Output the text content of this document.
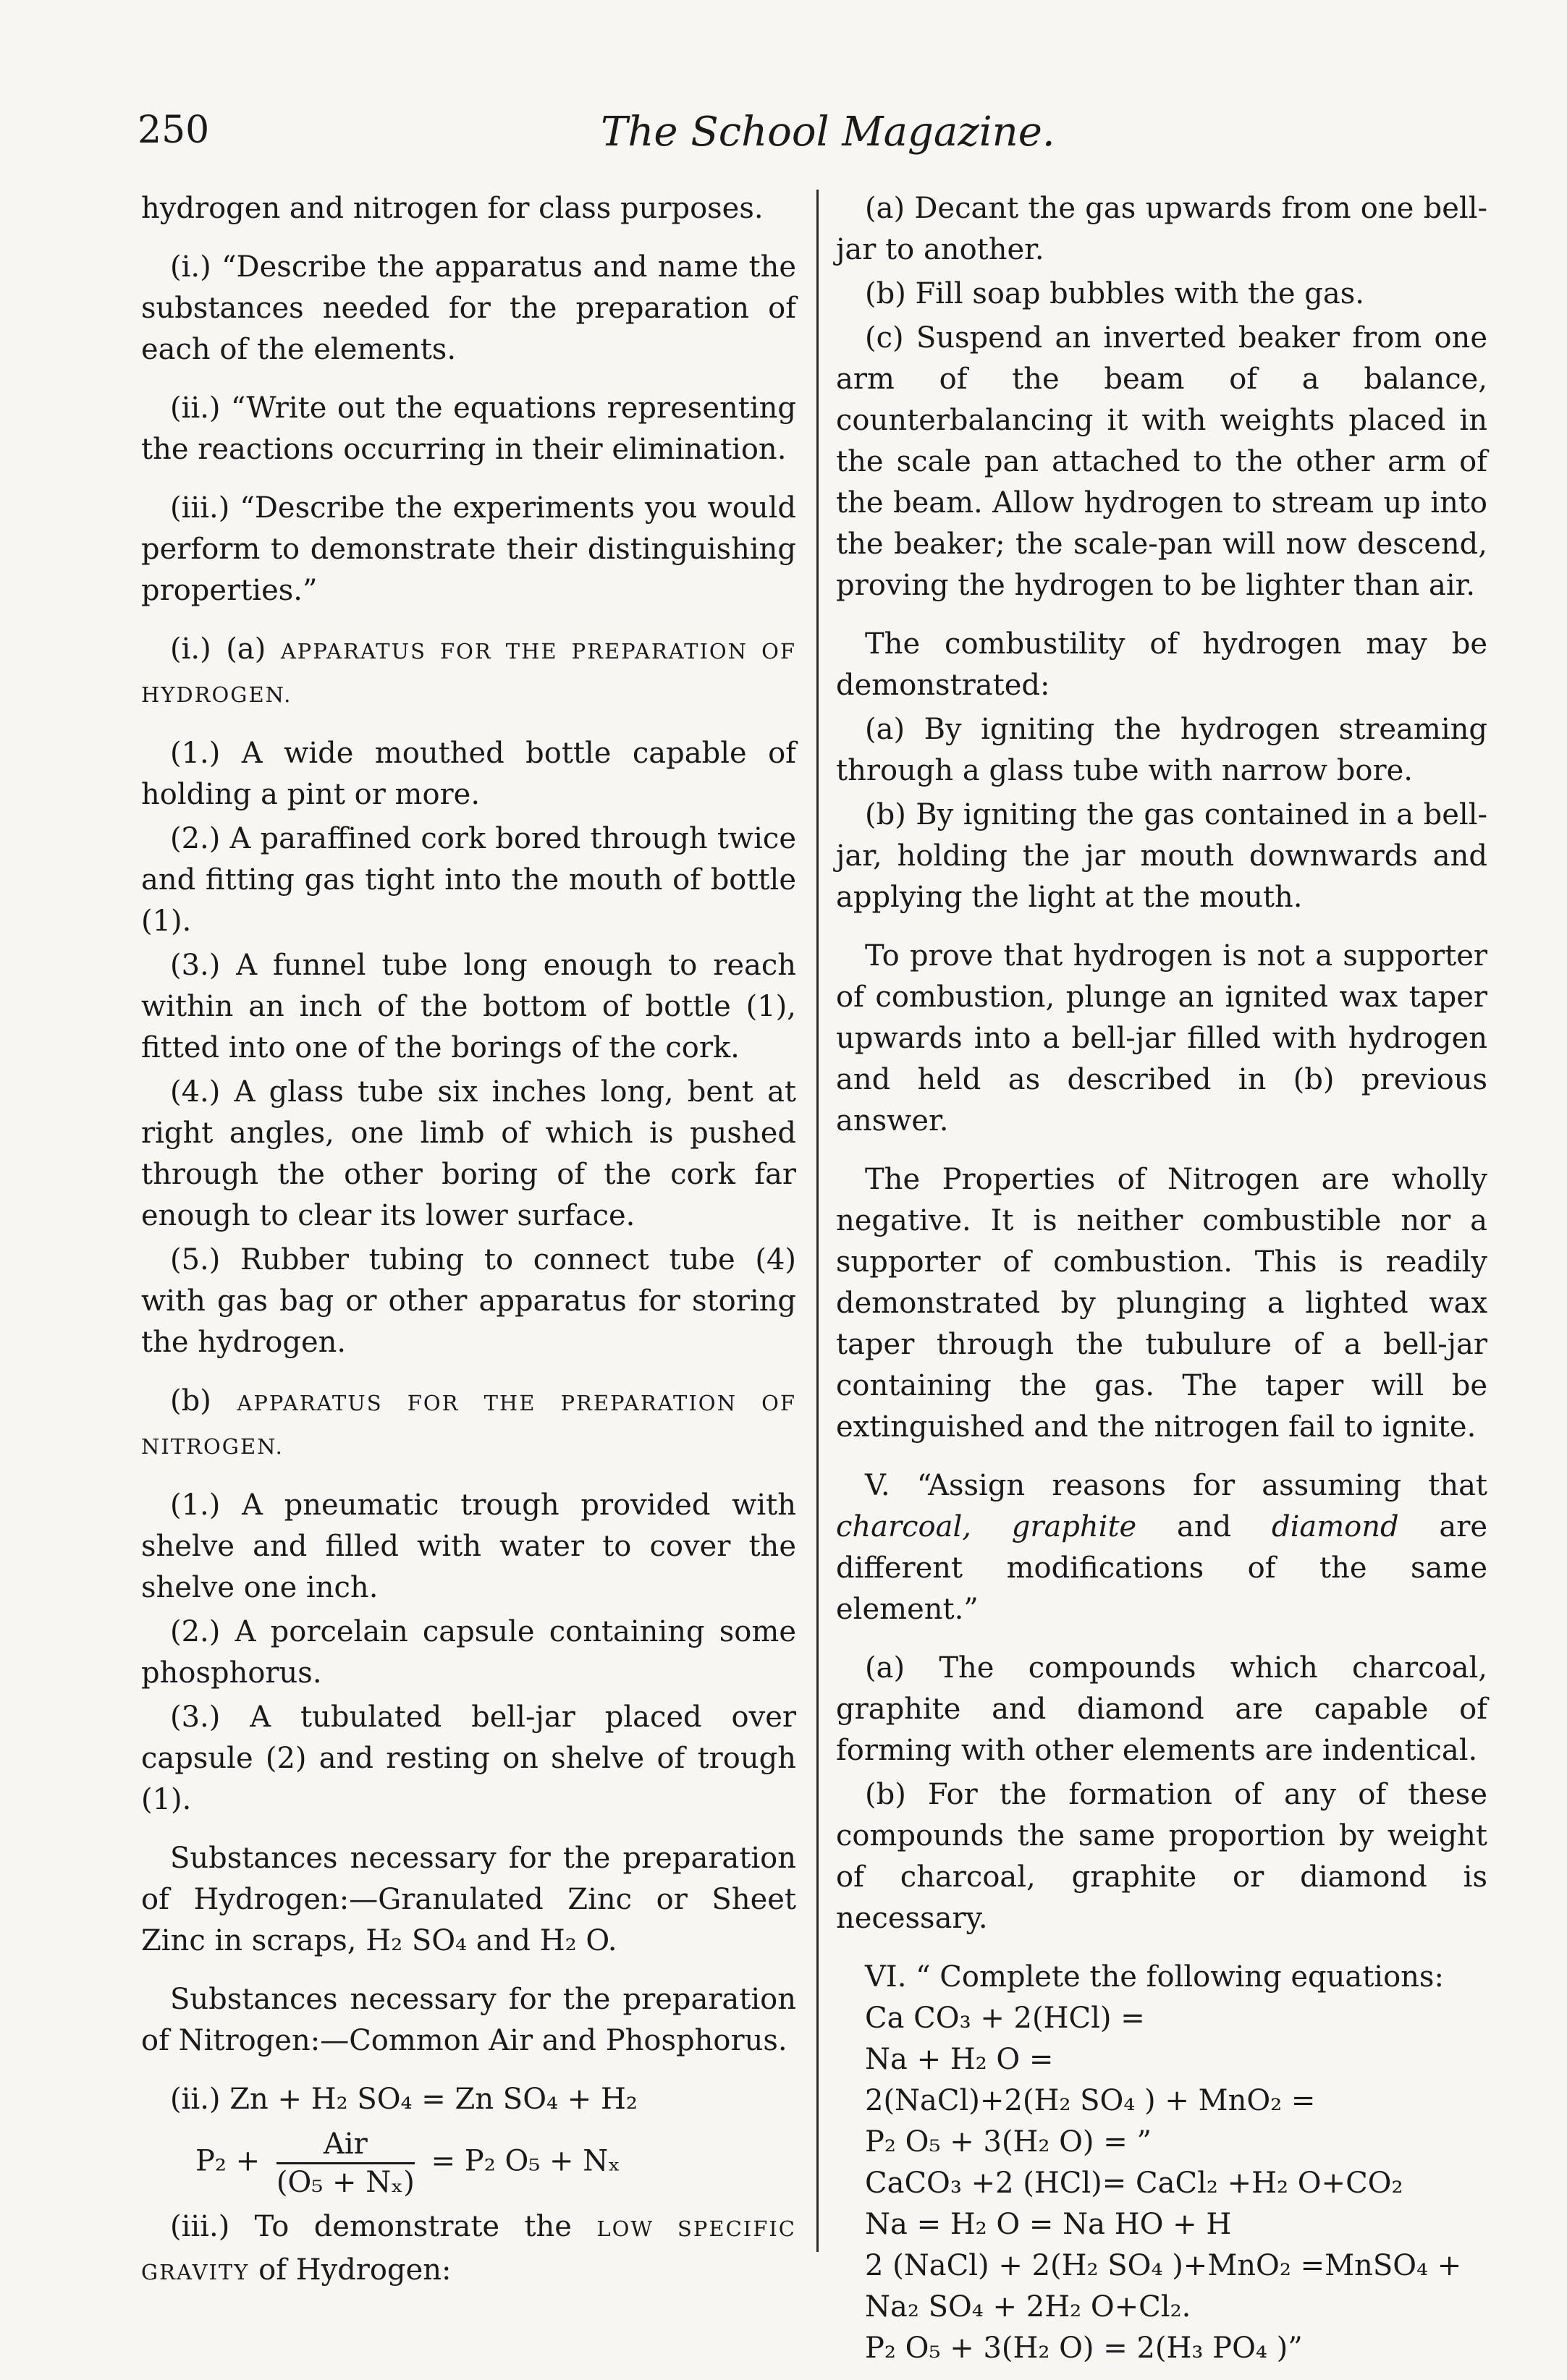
250	The School Magazine.

hydrogen and nitrogen for class purposes.

(i.) “Describe the apparatus and name the substances needed for the preparation of each of the elements.

(ii.) “Write out the equations representing the reactions occurring in their elimination.

(iii.) “Describe the experiments you would perform to demonstrate their distinguishing properties.”

(i.) (a) APPARATUS FOR THE PREPARATION OF HYDROGEN.

(1.) A wide mouthed bottle capable of holding a pint or more.

(2.) A paraffined cork bored through twice and fitting gas tight into the mouth of bottle (1).

(3.) A funnel tube long enough to reach within an inch of the bottom of bottle (1), fitted into one of the borings of the cork.

(4.) A glass tube six inches long, bent at right angles, one limb of which is pushed through the other boring of the cork far enough to clear its lower surface.

(5.) Rubber tubing to connect tube (4) with gas bag or other apparatus for storing the hydrogen.

(b) APPARATUS FOR THE PREPARATION OF NITROGEN.

(1.) A pneumatic trough provided with shelve and filled with water to cover the shelve one inch.

(2.) A porcelain capsule containing some phosphorus.

(3.) A tubulated bell-jar placed over capsule (2) and resting on shelve of trough (1).

Substances necessary for the preparation of Hydrogen:—Granulated Zinc or Sheet Zinc in scraps, H₂ SO₄ and H₂ O.

Substances necessary for the preparation of Nitrogen:—Common Air and Phosphorus.

(ii.) Zn + H₂ SO₄ = Zn SO₄ + H₂

$P_2 + \frac{\text{Air}}{\text{(O₅ + Nₓ)}} = P_2$ O₅ + Nₓ

(iii.) To demonstrate the LOW SPECIFIC GRAVITY of Hydrogen:

(a) Decant the gas upwards from one bell-jar to another.

(b) Fill soap bubbles with the gas.

(c) Suspend an inverted beaker from one arm of the beam of a balance, counterbalancing it with weights placed in the scale pan attached to the other arm of the beam. Allow hydrogen to stream up into the beaker; the scale-pan will now descend, proving the hydrogen to be lighter than air.

The combustility of hydrogen may be demonstrated:

(a) By igniting the hydrogen streaming through a glass tube with narrow bore.

(b) By igniting the gas contained in a bell-jar, holding the jar mouth downwards and applying the light at the mouth.

To prove that hydrogen is not a supporter of combustion, plunge an ignited wax taper upwards into a bell-jar filled with hydrogen and held as described in (b) previous answer.

The Properties of Nitrogen are wholly negative. It is neither combustible nor a supporter of combustion. This is readily demonstrated by plunging a lighted wax taper through the tubulure of a bell-jar containing the gas. The taper will be extinguished and the nitrogen fail to ignite.

V. “Assign reasons for assuming that charcoal, graphite and diamond are different modifications of the same element.”

(a) The compounds which charcoal, graphite and diamond are capable of forming with other elements are indentical.

(b) For the formation of any of these compounds the same proportion by weight of charcoal, graphite or diamond is necessary.

VI. “ Complete the following equations:

Ca CO₃ + 2(HCl) =

Na + H₂ O =

2(NaCl)+2(H₂ SO₄ ) + MnO₂ =

P₂ O₅ + 3(H₂ O) = ”

CaCO₃ +2 (HCl)= CaCl₂ +H₂ O+CO₂

Na = H₂ O = Na HO + H

2 (NaCl) + 2(H₂ SO₄ )+MnO₂ =MnSO₄ +

Na₂ SO₄ + 2H₂ O+Cl₂.

P₂ O₅ + 3(H₂ O) = 2(H₃ PO₄ )”
